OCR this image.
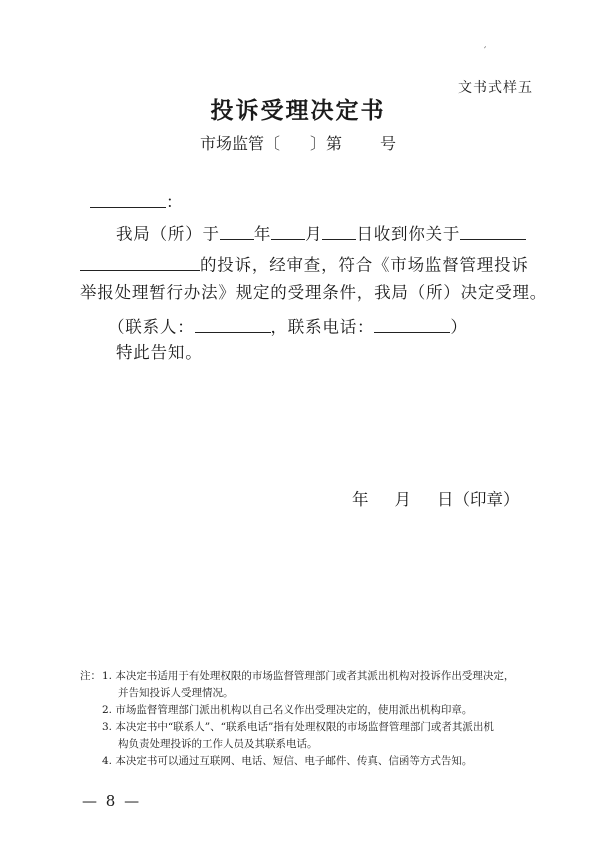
′
文书式样五
投诉受理决定书
市场监管〔 〕第 号
：
我局（所）于 年 月 日收到你关于
的投诉，经审查，符合《市场监督管理投诉
举报处理暂行办法》规定的受理条件，我局（所）决定受理。
（联系人：	，联系电话：	）
特此告知。
年 月 日（印章）
注： 1. 本决定书适用于有处理权限的市场监督管理部门或者其派出机构对投诉作出受理决定，
并告知投诉人受理情况。
2. 市场监督管理部门派出机构以自己名义作出受理决定的，使用派出机构印章。
3. 本决定书中“联系人”、“联系电话”指有处理权限的市场监督管理部门或者其派出机
构负责处理投诉的工作人员及其联系电话。
4. 本决定书可以通过互联网、电话、短信、电子邮件、传真、信函等方式告知。
— 8 —
